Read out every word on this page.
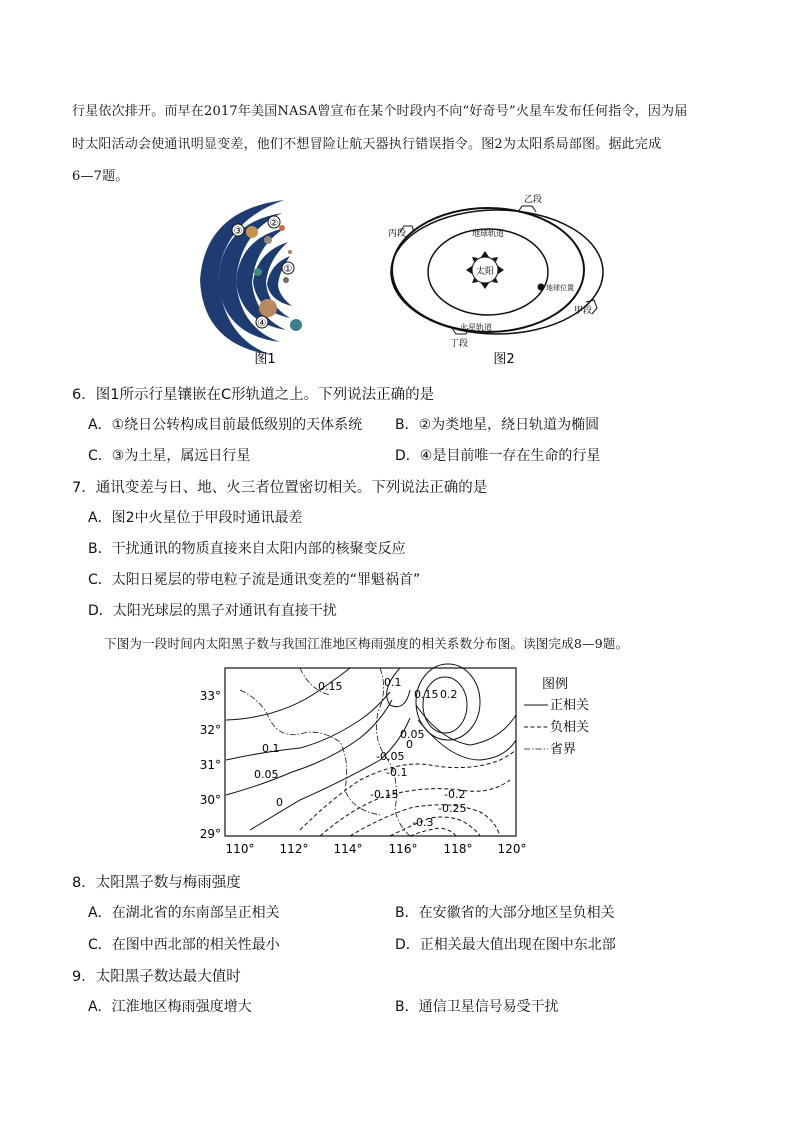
行星依次排开。而早在2017年美国NASA曾宣布在某个时段内不向“好奇号”火星车发布任何指令，因为届
时太阳活动会使通讯明显变差，他们不想冒险让航天器执行错误指令。图2为太阳系局部图。据此完成
6—7题。
③
②
①
④
图1
太阳
地球轨道
地球位置
火星轨道
乙段
丙段
甲段
丁段
图2
6．图1所示行星镶嵌在C形轨道之上。下列说法正确的是
A．①绕日公转构成目前最低级别的天体系统 B．②为类地星，绕日轨道为椭圆
C．③为土星，属远日行星	D．④是目前唯一存在生命的行星
7．通讯变差与日、地、火三者位置密切相关。下列说法正确的是
A．图2中火星位于甲段时通讯最差
B．干扰通讯的物质直接来自太阳内部的核聚变反应
C．太阳日冕层的带电粒子流是通讯变差的“罪魁祸首”
D．太阳光球层的黑子对通讯有直接干扰
下图为一段时间内太阳黑子数与我国江淮地区梅雨强度的相关系数分布图。读图完成8—9题。
33°
32°
31°
30°
29°
110° 112° 114° 116° 118° 120°
0.15	0.1
0.15 0.2
0.05
0
0.1
0.05
0
-0.05
-0.1
-0.15	-0.2
-0.25
-0.3
图例
正相关
负相关
省界
8．太阳黑子数与梅雨强度
A．在湖北省的东南部呈正相关	B．在安徽省的大部分地区呈负相关
C．在图中西北部的相关性最小	D．正相关最大值出现在图中东北部
9．太阳黑子数达最大值时
A．江淮地区梅雨强度增大	B．通信卫星信号易受干扰
